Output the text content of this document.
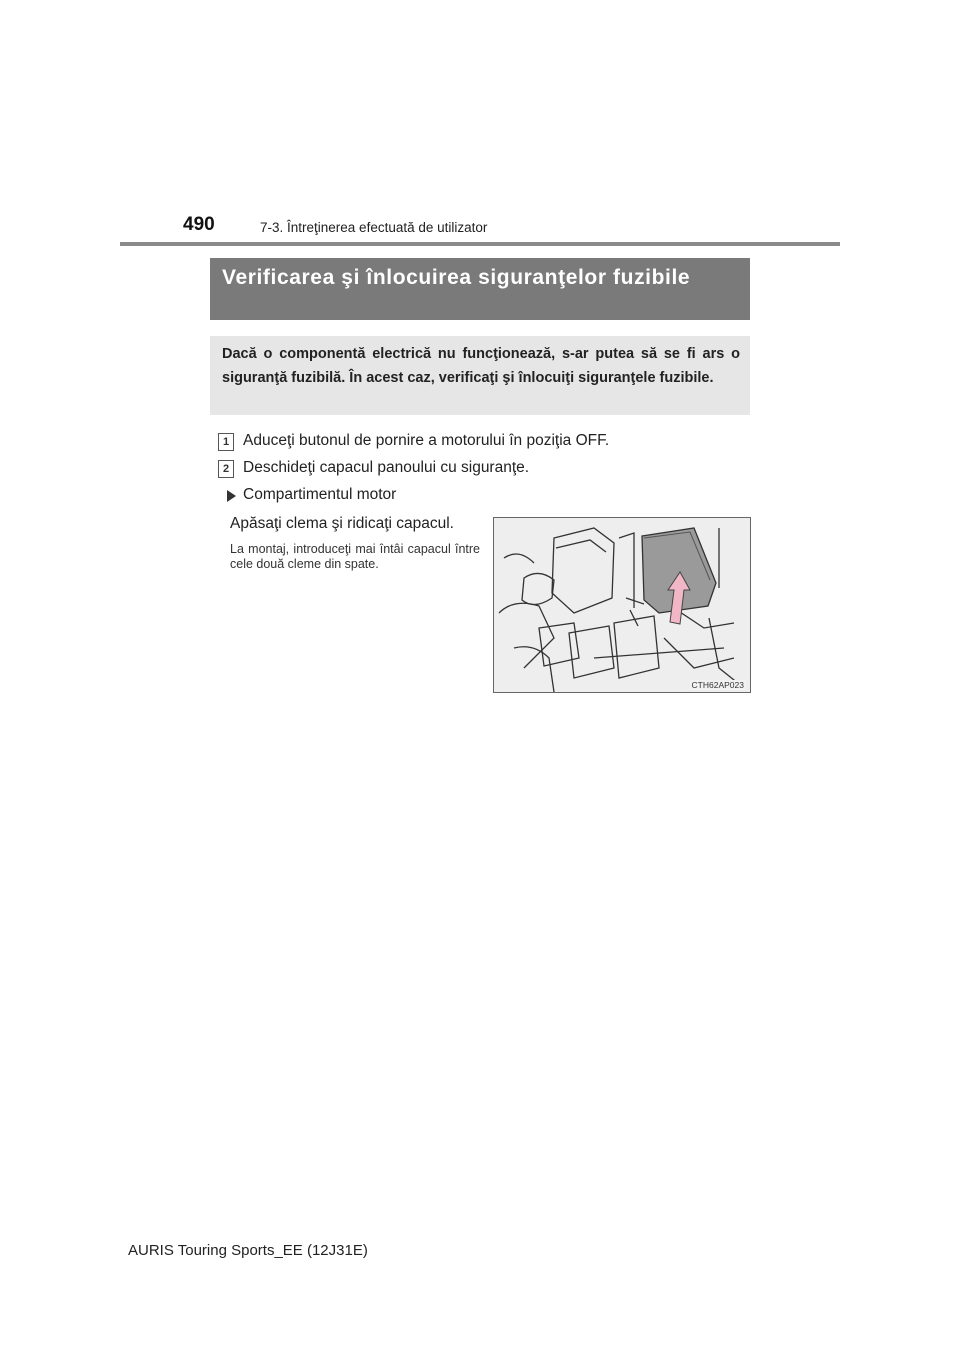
490	7-3. Întreţinerea efectuată de utilizator
Verificarea şi înlocuirea siguranţelor fuzibile
Dacă o componentă electrică nu funcţionează, s-ar putea să se fi ars o siguranţă fuzibilă. În acest caz, verificaţi şi înlocuiţi siguranţele fuzibile.
1 Aduceţi butonul de pornire a motorului în poziţia OFF.
2 Deschideţi capacul panoului cu siguranţe.
Compartimentul motor
Apăsaţi clema şi ridicaţi capacul.
La montaj, introduceţi mai întâi capacul între cele două cleme din spate.
CTH62AP023
AURIS Touring Sports_EE (12J31E)
